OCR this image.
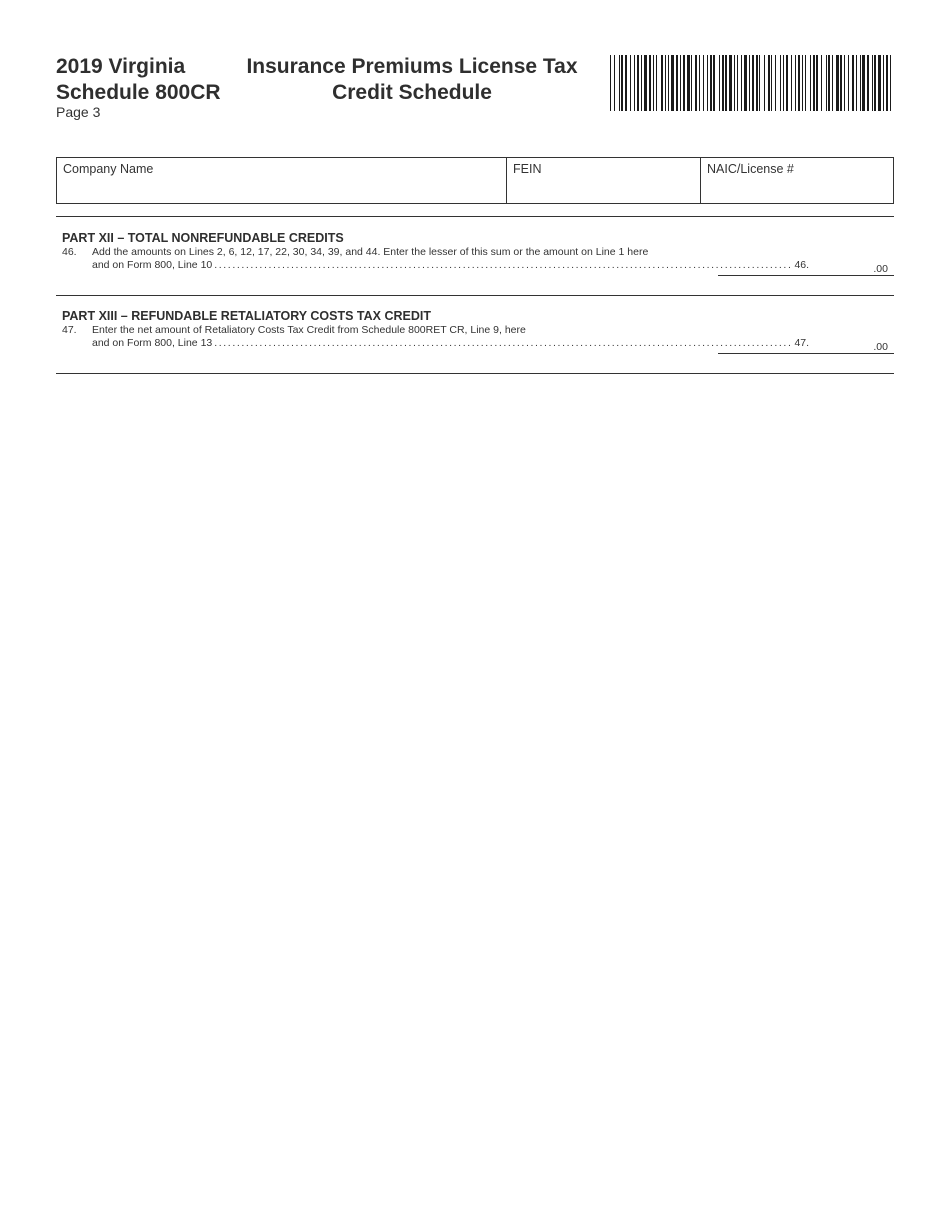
2019 Virginia
Schedule 800CR
Page 3
Insurance Premiums License Tax
Credit Schedule
Company Name	FEIN	NAIC/License #
PART XII – TOTAL NONREFUNDABLE CREDITS
46. Add the amounts on Lines 2, 6, 12, 17, 22, 30, 34, 39, and 44. Enter the lesser of this sum or the amount on Line 1 here
and on Form 800, Line 10 ................................................................................................................................ 46.	.00
PART XIII – REFUNDABLE RETALIATORY COSTS TAX CREDIT
47. Enter the net amount of Retaliatory Costs Tax Credit from Schedule 800RET CR, Line 9, here
and on Form 800, Line 13 ................................................................................................................................ 47.	.00
